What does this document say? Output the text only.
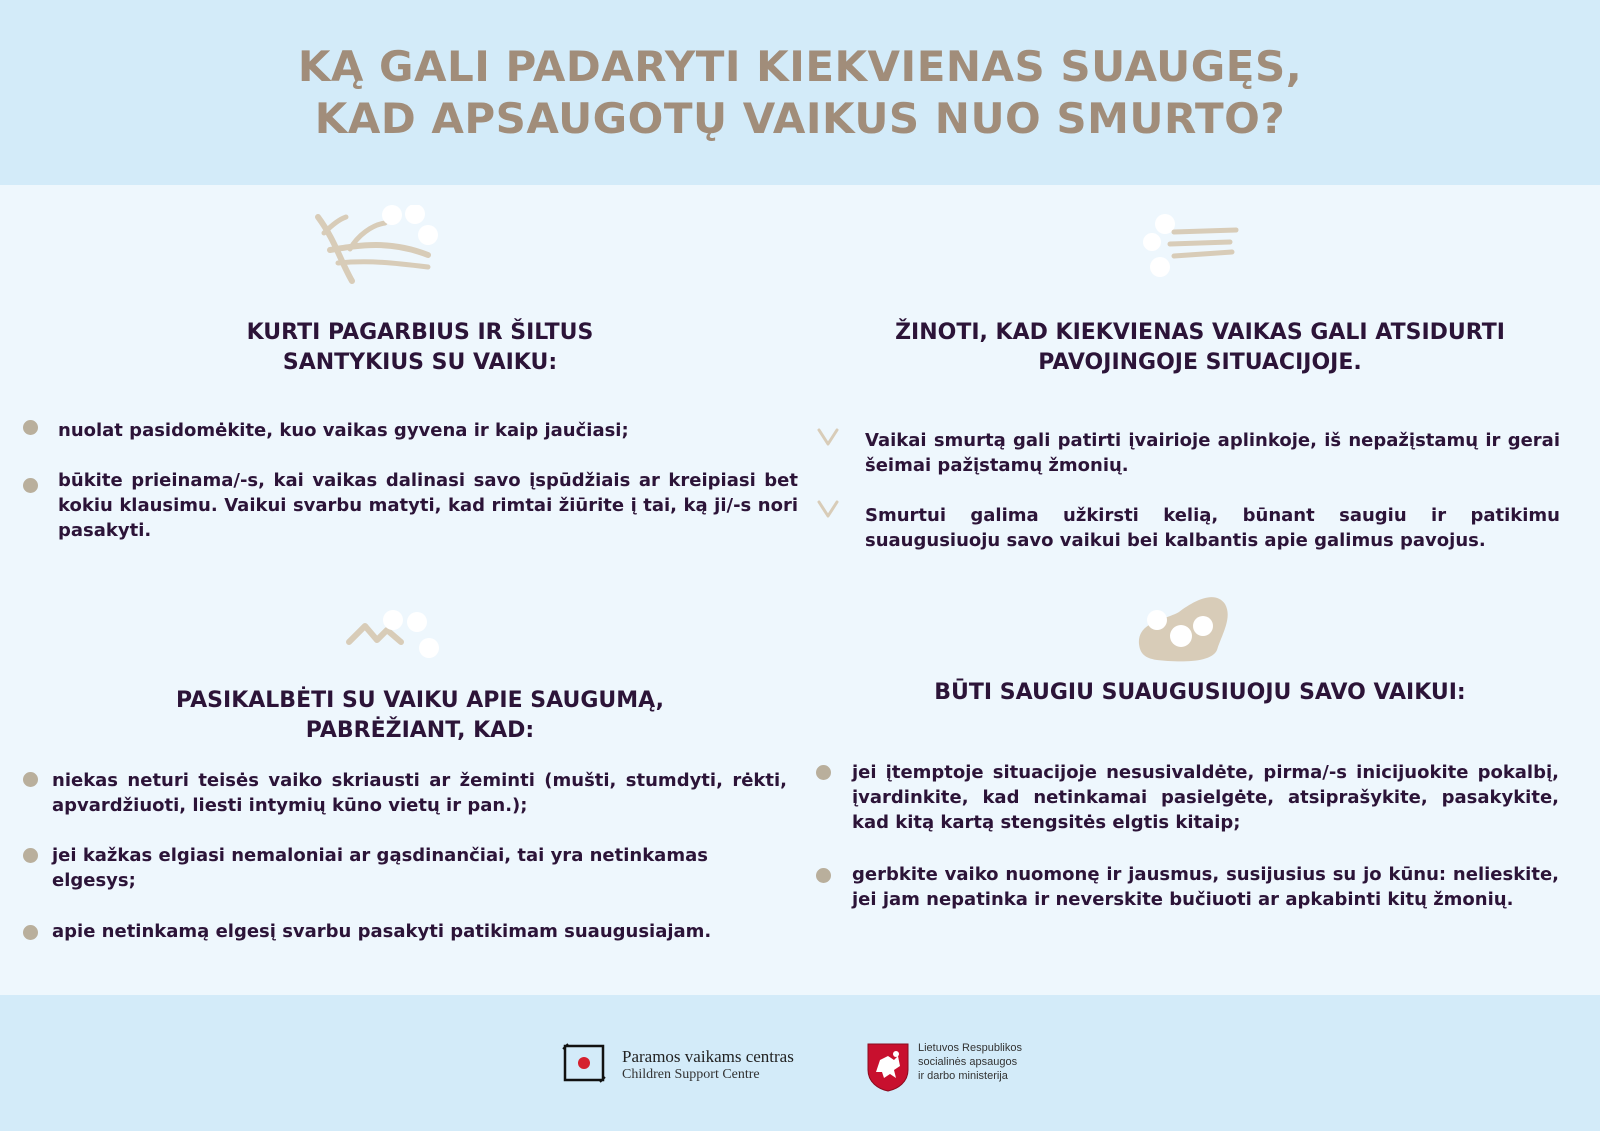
KĄ GALI PADARYTI KIEKVIENAS SUAUGĘS,
KAD APSAUGOTŲ VAIKUS NUO SMURTO?
KURTI PAGARBIUS IR ŠILTUS
SANTYKIUS SU VAIKU:
nuolat pasidomėkite, kuo vaikas gyvena ir kaip jaučiasi;
būkite prieinama/-s, kai vaikas dalinasi savo įspūdžiais ar kreipiasi bet kokiu klausimu. Vaikui svarbu matyti, kad rimtai žiūrite į tai, ką ji/-s nori pasakyti.
ŽINOTI, KAD KIEKVIENAS VAIKAS GALI ATSIDURTI
PAVOJINGOJE SITUACIJOJE.
Vaikai smurtą gali patirti įvairioje aplinkoje, iš nepažįstamų ir gerai šeimai pažįstamų žmonių.
Smurtui galima užkirsti kelią, būnant saugiu ir patikimu suaugusiuoju savo vaikui bei kalbantis apie galimus pavojus.
PASIKALBĖTI SU VAIKU APIE SAUGUMĄ,
PABRĖŽIANT, KAD:
niekas neturi teisės vaiko skriausti ar žeminti (mušti, stumdyti, rėkti, apvardžiuoti, liesti intymių kūno vietų ir pan.);
jei kažkas elgiasi nemaloniai ar gąsdinančiai, tai yra netinkamas elgesys;
apie netinkamą elgesį svarbu pasakyti patikimam suaugusiajam.
BŪTI SAUGIU SUAUGUSIUOJU SAVO VAIKUI:
jei įtemptoje situacijoje nesusivaldėte, pirma/-s inicijuokite pokalbį, įvardinkite, kad netinkamai pasielgėte, atsiprašykite, pasakykite, kad kitą kartą stengsitės elgtis kitaip;
gerbkite vaiko nuomonę ir jausmus, susijusius su jo kūnu: nelieskite, jei jam nepatinka ir neverskite bučiuoti ar apkabinti kitų žmonių.
Paramos vaikams centras
Children Support Centre
Lietuvos Respublikos
socialinės apsaugos
ir darbo ministerija
